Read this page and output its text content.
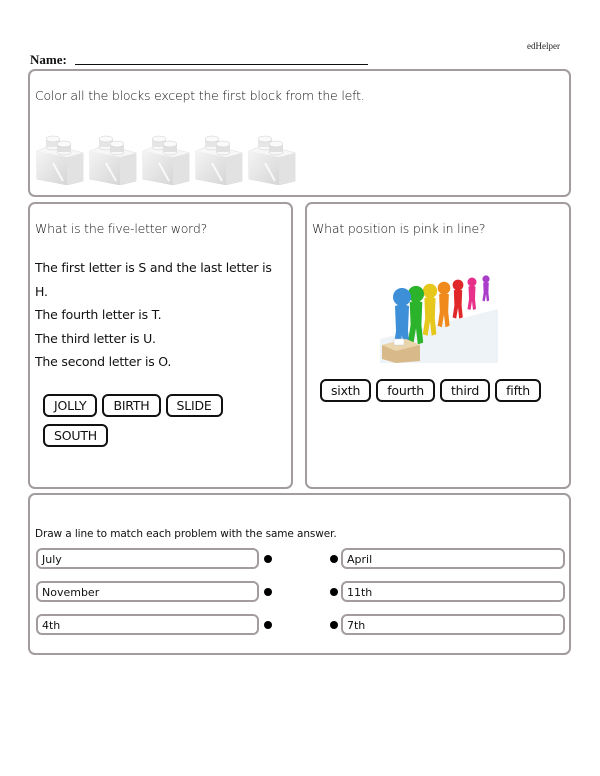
edHelper
Name:
Color all the blocks except the first block from the left.
What is the five-letter word?
The first letter is S and the last letter is
H.
The fourth letter is T.
The third letter is U.
The second letter is O.
JOLLY	BIRTH	SLIDE
SOUTH
What position is pink in line?
sixth	fourth	third	fifth
Draw a line to match each problem with the same answer.
July	April
November	11th
4th	7th
